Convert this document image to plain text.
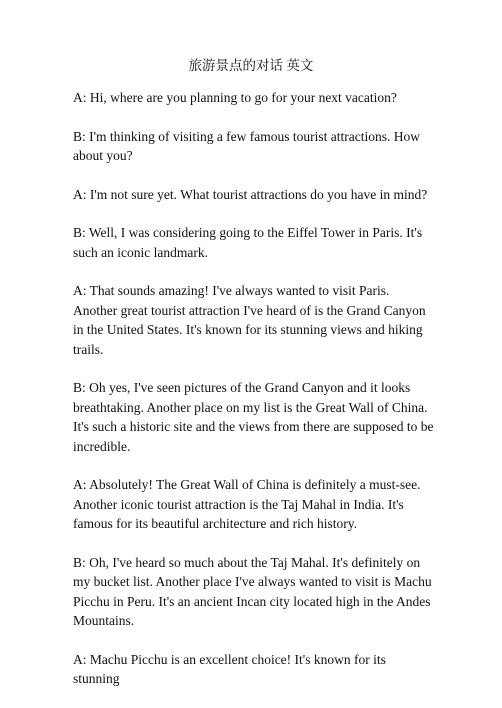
旅游景点的对话 英文

A: Hi, where are you planning to go for your next vacation?

B: I'm thinking of visiting a few famous tourist attractions. How about you?

A: I'm not sure yet. What tourist attractions do you have in mind?

B: Well, I was considering going to the Eiffel Tower in Paris. It's such an iconic landmark.

A: That sounds amazing! I've always wanted to visit Paris. Another great tourist attraction I've heard of is the Grand Canyon in the United States. It's known for its stunning views and hiking trails.

B: Oh yes, I've seen pictures of the Grand Canyon and it looks breathtaking. Another place on my list is the Great Wall of China. It's such a historic site and the views from there are supposed to be incredible.

A: Absolutely! The Great Wall of China is definitely a must-see. Another iconic tourist attraction is the Taj Mahal in India. It's famous for its beautiful architecture and rich history.

B: Oh, I've heard so much about the Taj Mahal. It's definitely on my bucket list. Another place I've always wanted to visit is Machu Picchu in Peru. It's an ancient Incan city located high in the Andes Mountains.

A: Machu Picchu is an excellent choice! It's known for its stunning
